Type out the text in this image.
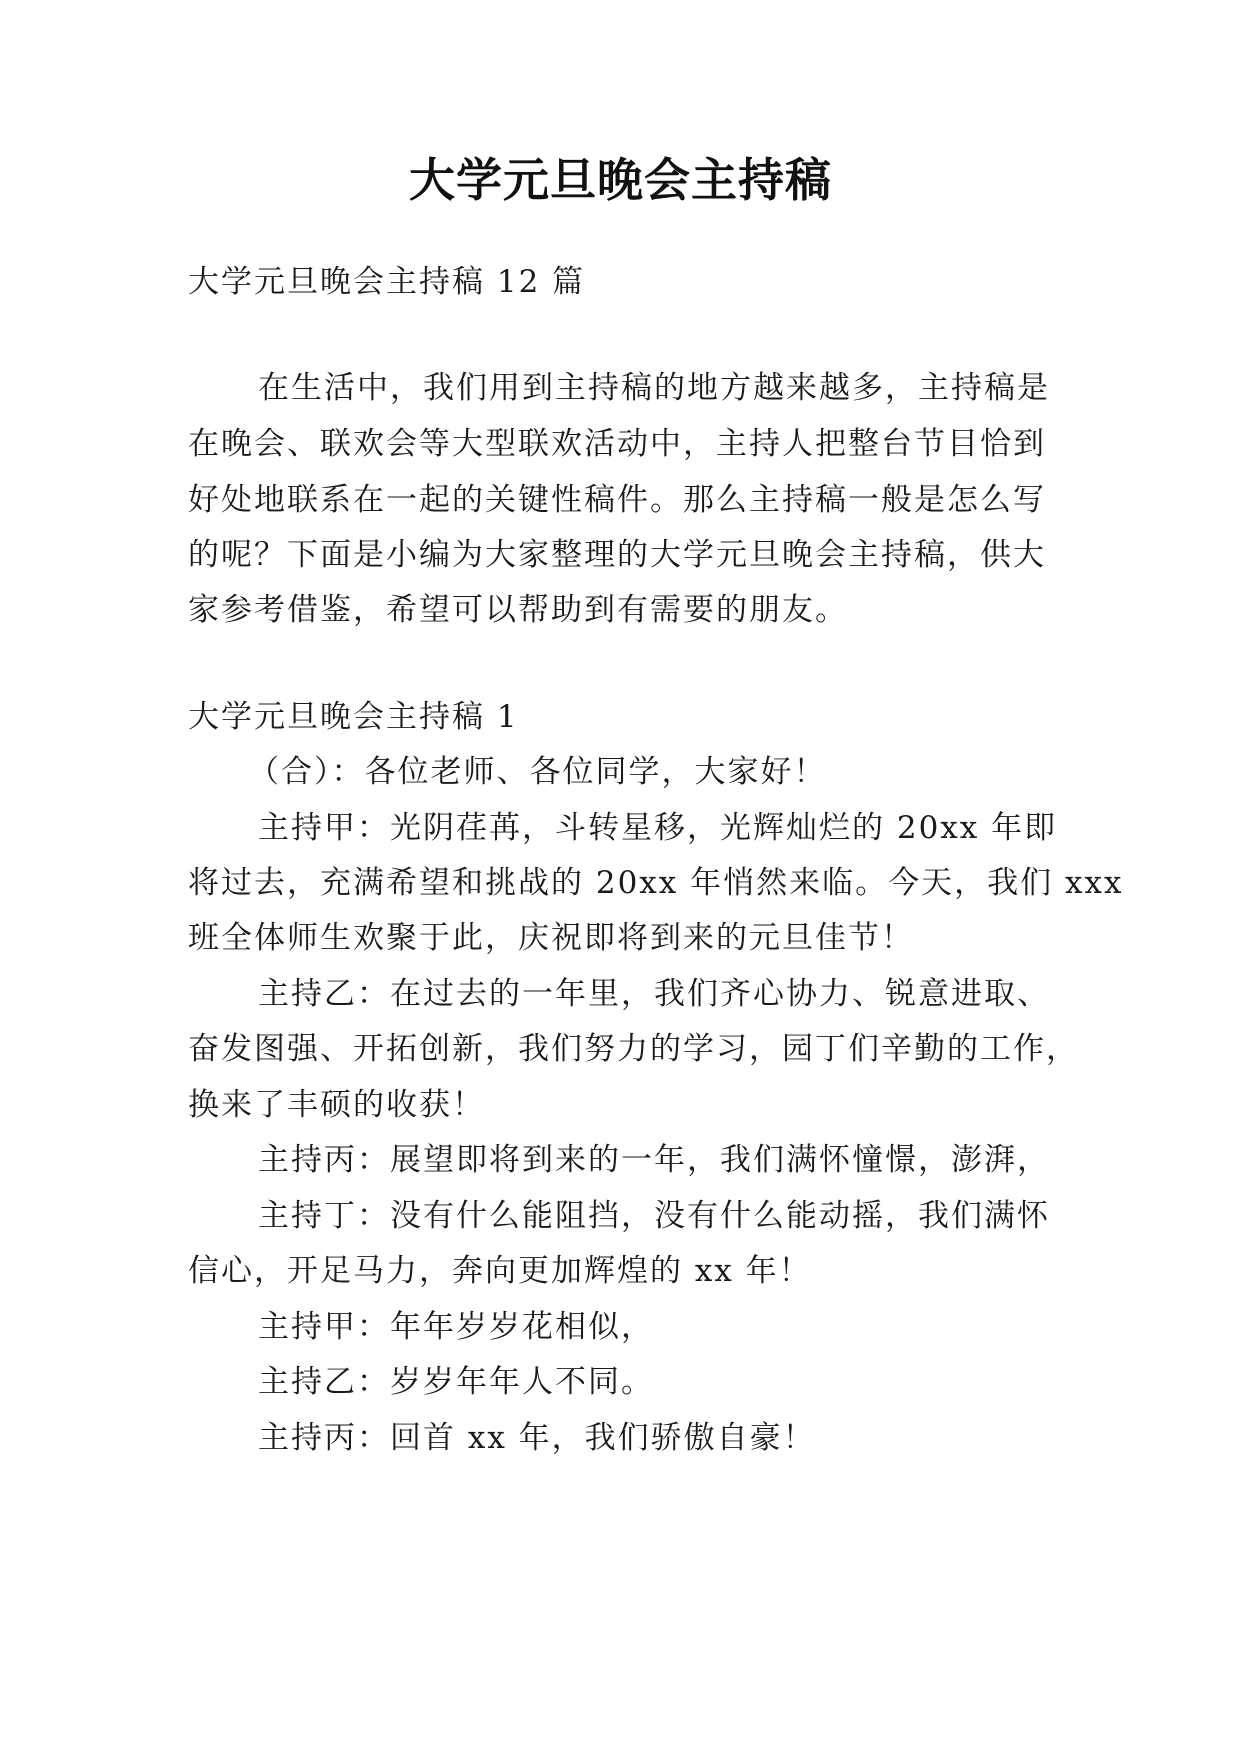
大学元旦晚会主持稿
大学元旦晚会主持稿 12 篇
在生活中，我们用到主持稿的地方越来越多，主持稿是
在晚会、联欢会等大型联欢活动中，主持人把整台节目恰到
好处地联系在一起的关键性稿件。那么主持稿一般是怎么写
的呢？下面是小编为大家整理的大学元旦晚会主持稿，供大
家参考借鉴，希望可以帮助到有需要的朋友。
大学元旦晚会主持稿 1
（合）：各位老师、各位同学，大家好！
主持甲：光阴荏苒，斗转星移，光辉灿烂的 20xx 年即
将过去，充满希望和挑战的 20xx 年悄然来临。今天，我们 xxx
班全体师生欢聚于此，庆祝即将到来的元旦佳节！
主持乙：在过去的一年里，我们齐心协力、锐意进取、
奋发图强、开拓创新，我们努力的学习，园丁们辛勤的工作，
换来了丰硕的收获！
主持丙：展望即将到来的一年，我们满怀憧憬，澎湃，
主持丁：没有什么能阻挡，没有什么能动摇，我们满怀
信心，开足马力，奔向更加辉煌的 xx 年！
主持甲：年年岁岁花相似，
主持乙：岁岁年年人不同。
主持丙：回首 xx 年，我们骄傲自豪！
